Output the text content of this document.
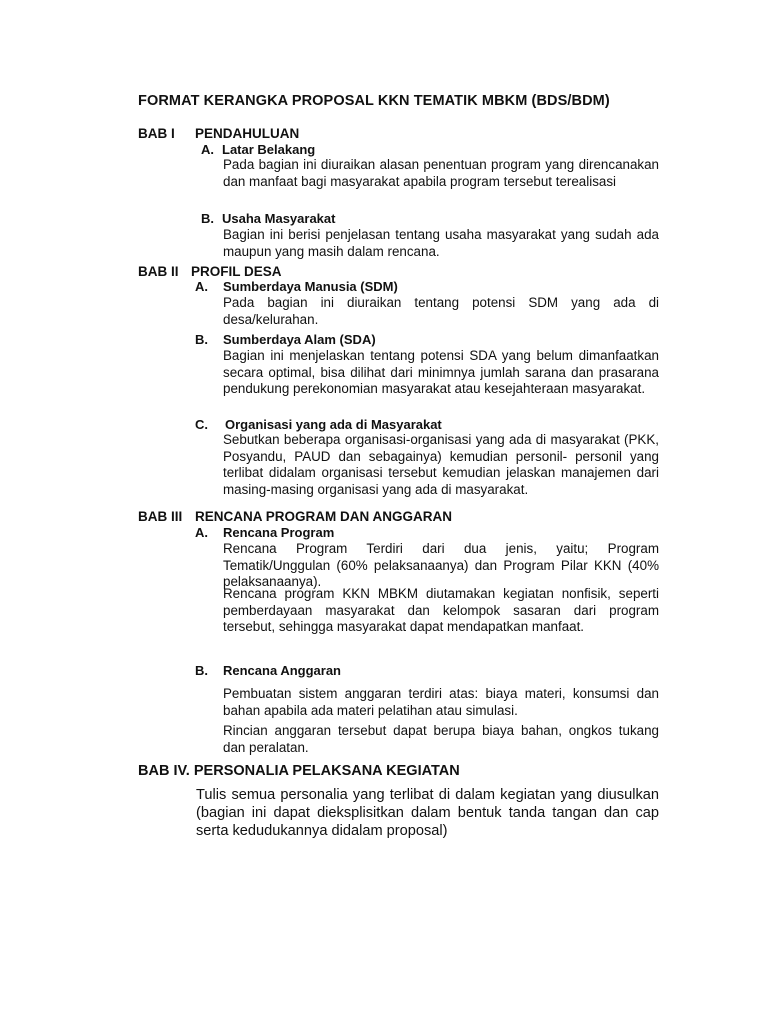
FORMAT KERANGKA PROPOSAL KKN TEMATIK MBKM (BDS/BDM)
BAB I PENDAHULUAN
A. Latar Belakang
Pada bagian ini diuraikan alasan penentuan program yang direncanakan dan manfaat bagi masyarakat apabila program tersebut terealisasi
B. Usaha Masyarakat
Bagian ini berisi penjelasan tentang usaha masyarakat yang sudah ada maupun yang masih dalam rencana.
BAB II PROFIL DESA
A. Sumberdaya Manusia (SDM)
Pada bagian ini diuraikan tentang potensi SDM yang ada di desa/kelurahan.
B. Sumberdaya Alam (SDA)
Bagian ini menjelaskan tentang potensi SDA yang belum dimanfaatkan secara optimal, bisa dilihat dari minimnya jumlah sarana dan prasarana pendukung perekonomian masyarakat atau kesejahteraan masyarakat.
C. Organisasi yang ada di Masyarakat
Sebutkan beberapa organisasi-organisasi yang ada di masyarakat (PKK, Posyandu, PAUD dan sebagainya) kemudian personil- personil yang terlibat didalam organisasi tersebut kemudian jelaskan manajemen dari masing-masing organisasi yang ada di masyarakat.
BAB III RENCANA PROGRAM DAN ANGGARAN
A. Rencana Program
Rencana Program Terdiri dari dua jenis, yaitu; Program Tematik/Unggulan (60% pelaksanaanya) dan Program Pilar KKN (40% pelaksanaanya).
Rencana program KKN MBKM diutamakan kegiatan nonfisik, seperti pemberdayaan masyarakat dan kelompok sasaran dari program tersebut, sehingga masyarakat dapat mendapatkan manfaat.
B. Rencana Anggaran
Pembuatan sistem anggaran terdiri atas: biaya materi, konsumsi dan bahan apabila ada materi pelatihan atau simulasi.
Rincian anggaran tersebut dapat berupa biaya bahan, ongkos tukang dan peralatan.
BAB IV. PERSONALIA PELAKSANA KEGIATAN
Tulis semua personalia yang terlibat di dalam kegiatan yang diusulkan (bagian ini dapat dieksplisitkan dalam bentuk tanda tangan dan cap serta kedudukannya didalam proposal)
